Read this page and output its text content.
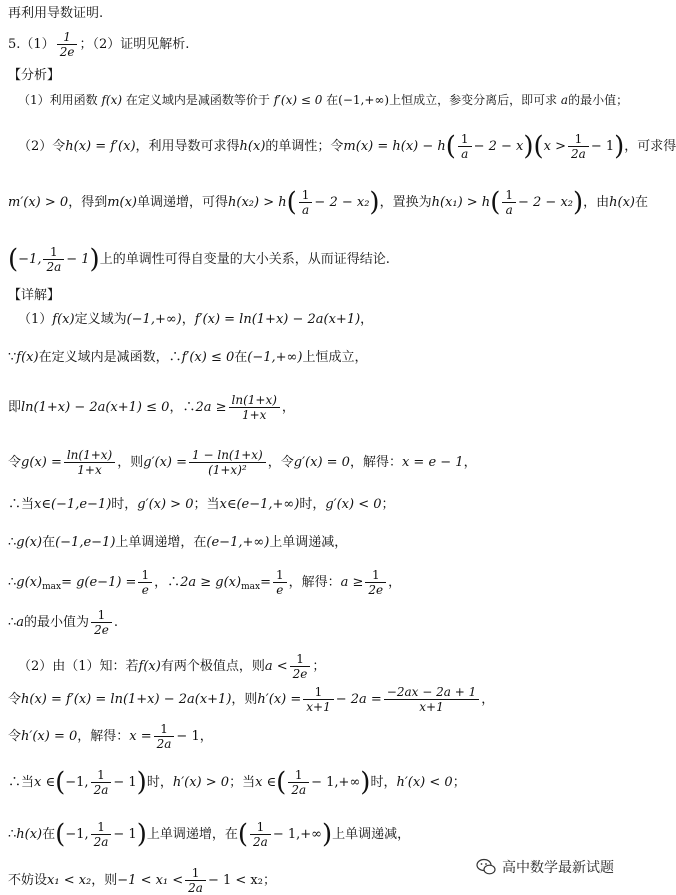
再利用导数证明.
$5.(1) \frac{1}{2e}$ ；（2）证明见解析.
【分析】
（1）利用函数 f(x) 在定义域内是减函数等价于 f′(x) ≤ 0 在(−1,+∞)上恒成立，参变分离后，即可求 a的最小值；
（2）令h(x) = f′(x)，利用导数可求得h(x)的单调性；令$m(x) = h(x) - h( \frac{1}{a} - 2 - x)(x > \frac{1}{2a} - 1)$，可求得
m′(x) > 0，得到m(x)单调递增，可得$h(x_2) > h( \frac{1}{a} - 2 - x_2)$，置换为$h(x_1) > h( \frac{1}{a} - 2 - x_2)$，由h(x)在
(−1, $\frac{1}{2a} - 1$)上的单调性可得自变量的大小关系，从而证得结论.
【详解】
（1）f(x)定义域为(−1,+∞)，f′(x) = ln(1+x) − 2a(x+1)，
∵f(x)在定义域内是减函数，∴f′(x) ≤ 0在(−1,+∞)上恒成立，
即ln(1+x) − 2a(x+1) ≤ 0，∴2a ≥ $\frac{\ln(1+x)}{1+x}$ ，
令$g(x) = \frac{\ln(1+x)}{1+x}$ ，则$g'(x) = \frac{1 - \ln(1+x)}{\text{(1+x)²}}$ ，令g′(x) = 0，解得：x = e − 1，
∴当x∈(−1,e−1)时，g′(x) > 0；当x∈(e−1,+∞)时，g′(x) < 0；
∴g(x)在(−1,e−1)上单调递增，在(e−1,+∞)上单调递减，
$\therefore g(x)_{max}= g(e-1) = \frac{1}{e}$ ，∴2a ≥ $g(x)_{max}= \frac{1}{e}$ ，解得：$a \ge \frac{1}{2e}$ ，
∴a的最小值为 $\frac{1}{2e}$ .
（2）由（1）知：若f(x)有两个极值点，则$a < \frac{1}{2e}$ ；
令h(x) = f′(x) = ln(1+x) − 2a(x+1)，则$h'(x) = \frac{1}{x+1} - 2a = \frac{-2ax - 2a + 1}{x+1}$ ，
令h′(x) = 0，解得：$x = \frac{1}{2a} - 1$，
∴当x ∈(−1, $\frac{1}{2a} - 1$)时，h′(x) > 0；当x ∈( $\frac{1}{2a} - 1,+\infty$)时，h′(x) < 0；
∴h(x)在(−1, $\frac{1}{2a} - 1$)上单调递增，在( $\frac{1}{2a} - 1,+\infty$)上单调递减，
不妨设x₁ < x₂，则$-1 < x_1 < \frac{1}{2a} - 1 < x_2$；
高中数学最新试题
